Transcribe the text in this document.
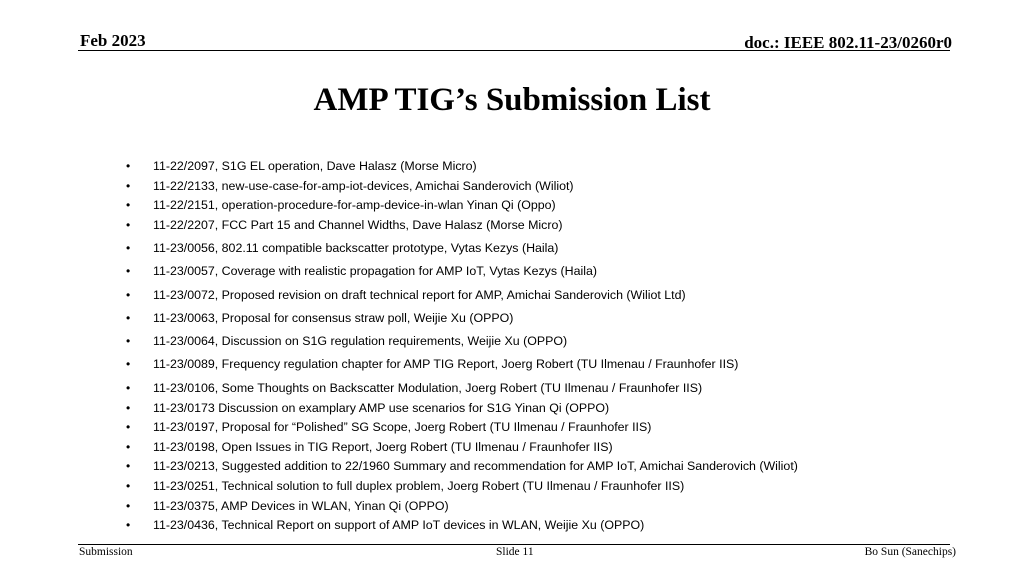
Feb 2023	doc.: IEEE 802.11-23/0260r0
AMP TIG’s Submission List
•	11-22/2097, S1G EL operation, Dave Halasz (Morse Micro)
•	11-22/2133, new-use-case-for-amp-iot-devices, Amichai Sanderovich (Wiliot)
•	11-22/2151, operation-procedure-for-amp-device-in-wlan Yinan Qi (Oppo)
•	11-22/2207, FCC Part 15 and Channel Widths, Dave Halasz (Morse Micro)
•	11-23/0056, 802.11 compatible backscatter prototype, Vytas Kezys (Haila)
•	11-23/0057, Coverage with realistic propagation for AMP IoT, Vytas Kezys (Haila)
•	11-23/0072, Proposed revision on draft technical report for AMP, Amichai Sanderovich (Wiliot Ltd)
•	11-23/0063, Proposal for consensus straw poll, Weijie Xu (OPPO)
•	11-23/0064, Discussion on S1G regulation requirements, Weijie Xu (OPPO)
•	11-23/0089, Frequency regulation chapter for AMP TIG Report, Joerg Robert (TU Ilmenau / Fraunhofer IIS)
•	11-23/0106, Some Thoughts on Backscatter Modulation, Joerg Robert (TU Ilmenau / Fraunhofer IIS)
•	11-23/0173 Discussion on examplary AMP use scenarios for S1G Yinan Qi (OPPO)
•	11-23/0197, Proposal for “Polished” SG Scope, Joerg Robert (TU Ilmenau / Fraunhofer IIS)
•	11-23/0198, Open Issues in TIG Report, Joerg Robert (TU Ilmenau / Fraunhofer IIS)
•	11-23/0213, Suggested addition to 22/1960 Summary and recommendation for AMP IoT, Amichai Sanderovich (Wiliot)
•	11-23/0251, Technical solution to full duplex problem, Joerg Robert (TU Ilmenau / Fraunhofer IIS)
•	11-23/0375, AMP Devices in WLAN, Yinan Qi (OPPO)
•	11-23/0436, Technical Report on support of AMP IoT devices in WLAN, Weijie Xu (OPPO)
Submission	Slide 11	Bo Sun (Sanechips)
